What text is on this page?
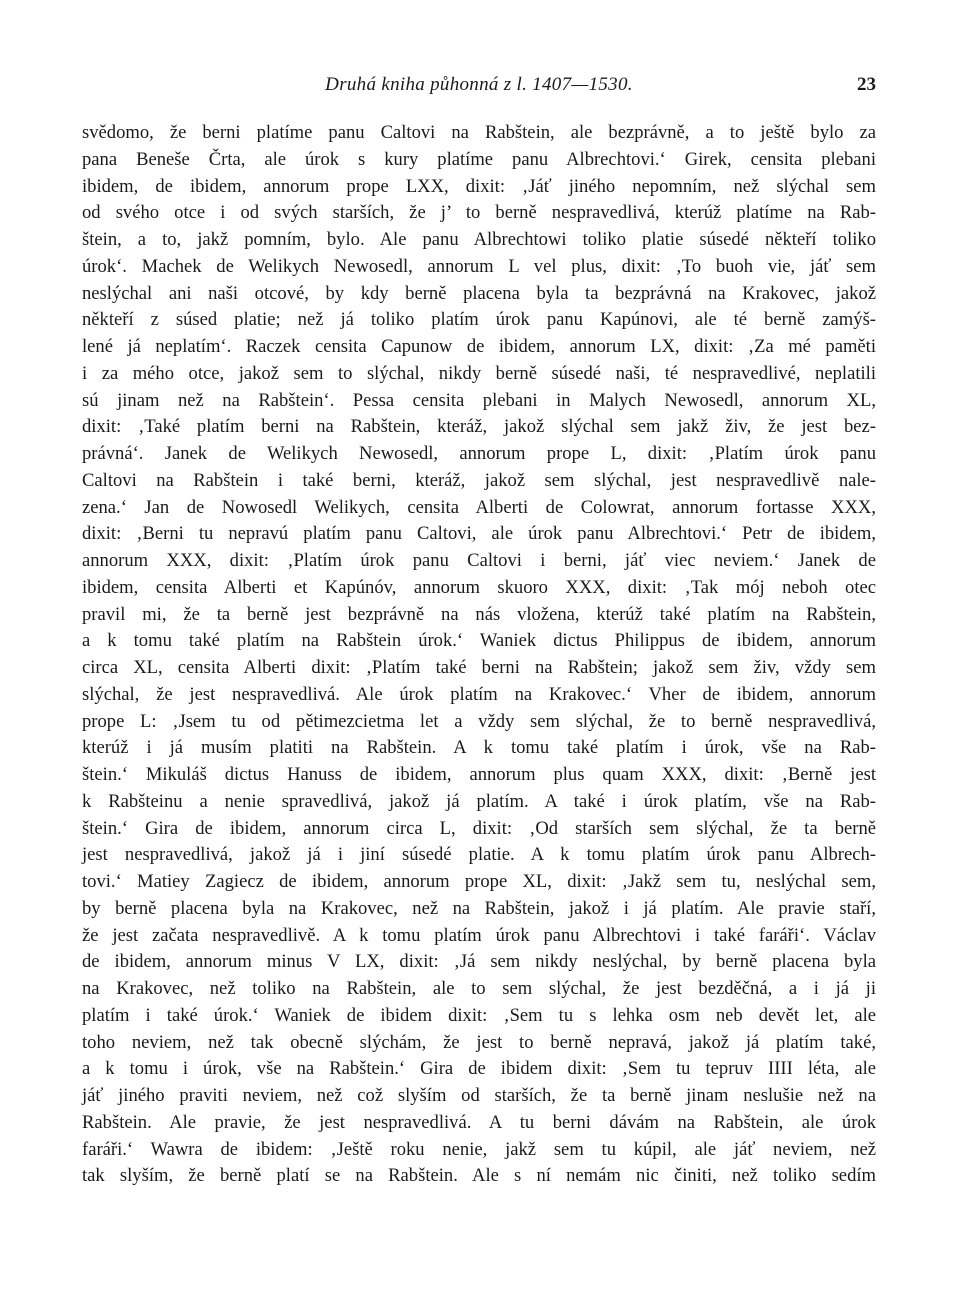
Druhá kniha půhonná z l. 1407—1530.	23
svědomo, že berni platíme panu Caltovi na Rabštein, ale bezprávně, a to ještě bylo za
pana Beneše Črta, ale úrok s kury platíme panu Albrechtovi.‘ Girek, censita plebani
ibidem, de ibidem, annorum prope LXX, dixit: ‚Jáť jiného nepomním, než slýchal sem
od svého otce i od svých starších, že j’ to berně nespravedlivá, kterúž platíme na Rab-
štein, a to, jakž pomním, bylo. Ale panu Albrechtowi toliko platie súsedé někteří toliko
úrok‘. Machek de Welikych Newosedl, annorum L vel plus, dixit: ‚To buoh vie, jáť sem
neslýchal ani naši otcové, by kdy berně placena byla ta bezprávná na Krakovec, jakož
někteří z súsed platie; než já toliko platím úrok panu Kapúnovi, ale té berně zamýš-
lené já neplatím‘. Raczek censita Capunow de ibidem, annorum LX, dixit: ‚Za mé paměti
i za mého otce, jakož sem to slýchal, nikdy berně súsedé naši, té nespravedlivé, neplatili
sú jinam než na Rabštein‘. Pessa censita plebani in Malych Newosedl, annorum XL,
dixit: ‚Také platím berni na Rabštein, kteráž, jakož slýchal sem jakž živ, že jest bez-
právná‘. Janek de Welikych Newosedl, annorum prope L, dixit: ‚Platím úrok panu
Caltovi na Rabštein i také berni, kteráž, jakož sem slýchal, jest nespravedlivě nale-
zena.‘ Jan de Nowosedl Welikych, censita Alberti de Colowrat, annorum fortasse XXX,
dixit: ‚Berni tu nepravú platím panu Caltovi, ale úrok panu Albrechtovi.‘ Petr de ibidem,
annorum XXX, dixit: ‚Platím úrok panu Caltovi i berni, jáť viec neviem.‘ Janek de
ibidem, censita Alberti et Kapúnóv, annorum skuoro XXX, dixit: ‚Tak mój neboh otec
pravil mi, že ta berně jest bezprávně na nás vložena, kterúž také platím na Rabštein,
a k tomu také platím na Rabštein úrok.‘ Waniek dictus Philippus de ibidem, annorum
circa XL, censita Alberti dixit: ‚Platím také berni na Rabštein; jakož sem živ, vždy sem
slýchal, že jest nespravedlivá. Ale úrok platím na Krakovec.‘ Vher de ibidem, annorum
prope L: ‚Jsem tu od pětimezcietma let a vždy sem slýchal, že to berně nespravedlivá,
kterúž i já musím platiti na Rabštein. A k tomu také platím i úrok, vše na Rab-
štein.‘ Mikuláš dictus Hanuss de ibidem, annorum plus quam XXX, dixit: ‚Berně jest
k Rabšteinu a nenie spravedlivá, jakož já platím. A také i úrok platím, vše na Rab-
štein.‘ Gira de ibidem, annorum circa L, dixit: ‚Od starších sem slýchal, že ta berně
jest nespravedlivá, jakož já i jiní súsedé platie. A k tomu platím úrok panu Albrech-
tovi.‘ Matiey Zagiecz de ibidem, annorum prope XL, dixit: ‚Jakž sem tu, neslýchal sem,
by berně placena byla na Krakovec, než na Rabštein, jakož i já platím. Ale pravie staří,
že jest začata nespravedlivě. A k tomu platím úrok panu Albrechtovi i také faráři‘. Václav
de ibidem, annorum minus V LX, dixit: ‚Já sem nikdy neslýchal, by berně placena byla
na Krakovec, než toliko na Rabštein, ale to sem slýchal, že jest bezděčná, a i já ji
platím i také úrok.‘ Waniek de ibidem dixit: ‚Sem tu s lehka osm neb devět let, ale
toho neviem, než tak obecně slýchám, že jest to berně nepravá, jakož já platím také,
a k tomu i úrok, vše na Rabštein.‘ Gira de ibidem dixit: ‚Sem tu tepruv IIII léta, ale
jáť jiného praviti neviem, než což slyším od starších, že ta berně jinam neslušie než na
Rabštein. Ale pravie, že jest nespravedlivá. A tu berni dávám na Rabštein, ale úrok
faráři.‘ Wawra de ibidem: ‚Ještě roku nenie, jakž sem tu kúpil, ale jáť neviem, než
tak slyším, že berně platí se na Rabštein. Ale s ní nemám nic činiti, než toliko sedím
